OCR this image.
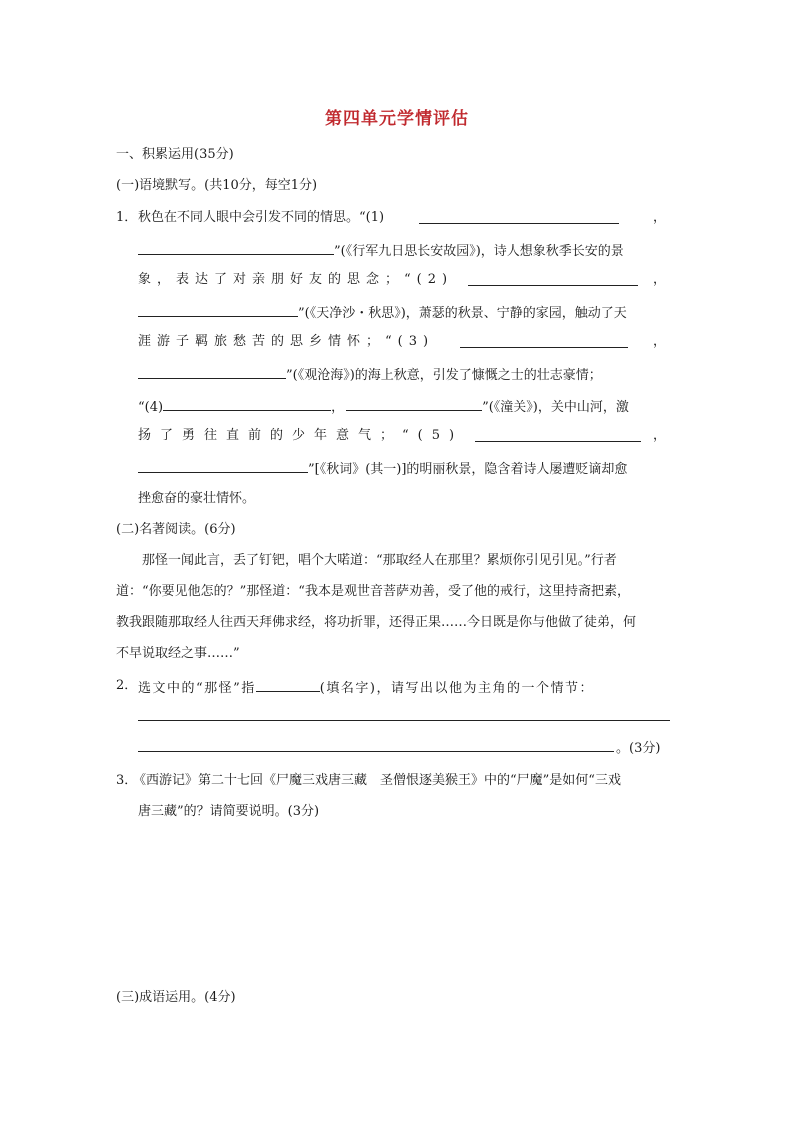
第四单元学情评估
一、积累运用(35分)
(一)语境默写。(共10分，每空1分)
1． 秋色在不同人眼中会引发不同的情思。“(1)	，
”(《行军九日思长安故园》)，诗人想象秋季长安的景
象，表达了对亲朋好友的思念；“(2)	，
”(《天净沙・秋思》)，萧瑟的秋景、宁静的家园，触动了天
涯游子羁旅愁苦的思乡情怀；“(3)	，
”(《观沧海》)的海上秋意，引发了慷慨之士的壮志豪情；
“(4)	，	”(《潼关》)，关中山河，激
扬了勇往直前的少年意气；“(5)	，
”[《秋词》(其一)]的明丽秋景，隐含着诗人屡遭贬谪却愈
挫愈奋的豪壮情怀。
(二)名著阅读。(6分)
那怪一闻此言，丢了钉钯，唱个大喏道：“那取经人在那里？累烦你引见引见。”行者
道：“你要见他怎的？”那怪道：“我本是观世音菩萨劝善，受了他的戒行，这里持斋把素，
教我跟随那取经人往西天拜佛求经，将功折罪，还得正果……今日既是你与他做了徒弟，何
不早说取经之事……”
2． 选文中的“那怪”指	(填名字)，请写出以他为主角的一个情节：
。(3分)
3．
《西游记》第二十七回《尸魔三戏唐三藏　圣僧恨逐美猴王》中的“尸魔”是如何“三戏
唐三藏”的？请简要说明。(3分)
(三)成语运用。(4分)
